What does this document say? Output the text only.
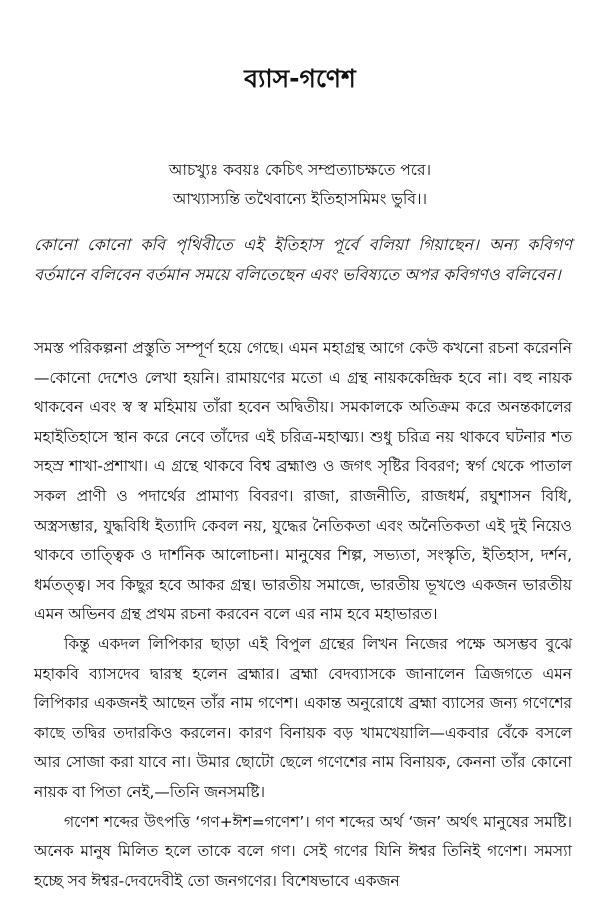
ব্যাস-গণেশ
আচখ্যুঃ কবয়ঃ কেচিৎ সম্প্রত্যাচক্ষতে পরে।
আখ্যাস্যন্তি তথৈবান্যে ইতিহাসমিমং ভুবি।।
কোনো কোনো কবি পৃথিবীতে এই ইতিহাস পূর্বে বলিয়া গিয়াছেন। অন্য কবিগণ বর্তমানে বলিবেন বর্তমান সময়ে বলিতেছেন এবং ভবিষ্যতে অপর কবিগণও বলিবেন।

সমস্ত পরিকল্পনা প্রস্তুতি সম্পূর্ণ হয়ে গেছে। এমন মহাগ্রন্থ আগে কেউ কখনো রচনা করেননি—কোনো দেশেও লেখা হয়নি। রামায়ণের মতো এ গ্রন্থ নায়ককেন্দ্রিক হবে না। বহু নায়ক থাকবেন এবং স্ব স্ব মহিমায় তাঁরা হবেন অদ্বিতীয়। সমকালকে অতিক্রম করে অনন্তকালের মহাইতিহাসে স্থান করে নেবে তাঁদের এই চরিত্র-মহাত্ম্য। শুধু চরিত্র নয় থাকবে ঘটনার শত সহস্র শাখা-প্রশাখা। এ গ্রন্থে থাকবে বিশ্ব ব্রহ্মাণ্ড ও জগৎ সৃষ্টির বিবরণ; স্বর্গ থেকে পাতাল সকল প্রাণী ও পদার্থের প্রামাণ্য বিবরণ। রাজা, রাজনীতি, রাজধর্ম, রঘুশাসন বিধি, অস্ত্রসম্ভার, যুদ্ধবিধি ইত্যাদি কেবল নয়, যুদ্ধের নৈতিকতা এবং অনৈতিকতা এই দুই নিয়েও থাকবে তাত্ত্বিক ও দার্শনিক আলোচনা। মানুষের শিল্প, সভ্যতা, সংস্কৃতি, ইতিহাস, দর্শন, ধর্মতত্ত্ব। সব কিছুর হবে আকর গ্রন্থ। ভারতীয় সমাজে, ভারতীয় ভূখণ্ডে একজন ভারতীয় এমন অভিনব গ্রন্থ প্রথম রচনা করবেন বলে এর নাম হবে মহাভারত।

কিন্তু একদল লিপিকার ছাড়া এই বিপুল গ্রন্থের লিখন নিজের পক্ষে অসম্ভব বুঝে মহাকবি ব্যাসদেব দ্বারস্থ হলেন ব্রহ্মার। ব্রহ্মা বেদব্যাসকে জানালেন ত্রিজগতে এমন লিপিকার একজনই আছেন তাঁর নাম গণেশ। একান্ত অনুরোধে ব্রহ্মা ব্যাসের জন্য গণেশের কাছে তদ্বির তদারকিও করলেন। কারণ বিনায়ক বড় খামখেয়ালি—একবার বেঁকে বসলে আর সোজা করা যাবে না। উমার ছোটো ছেলে গণেশের নাম বিনায়ক, কেননা তাঁর কোনো নায়ক বা পিতা নেই,—তিনি জনসমষ্টি।

গণেশ শব্দের উৎপত্তি ‘গণ+ঈশ=গণেশ’। গণ শব্দের অর্থ ‘জন’ অর্থৎ মানুষের সমষ্টি। অনেক মানুষ মিলিত হলে তাকে বলে গণ। সেই গণের যিনি ঈশ্বর তিনিই গণেশ। সমস্যা হচ্ছে সব ঈশ্বর-দেবদেবীই তো জনগণের। বিশেষভাবে একজন
